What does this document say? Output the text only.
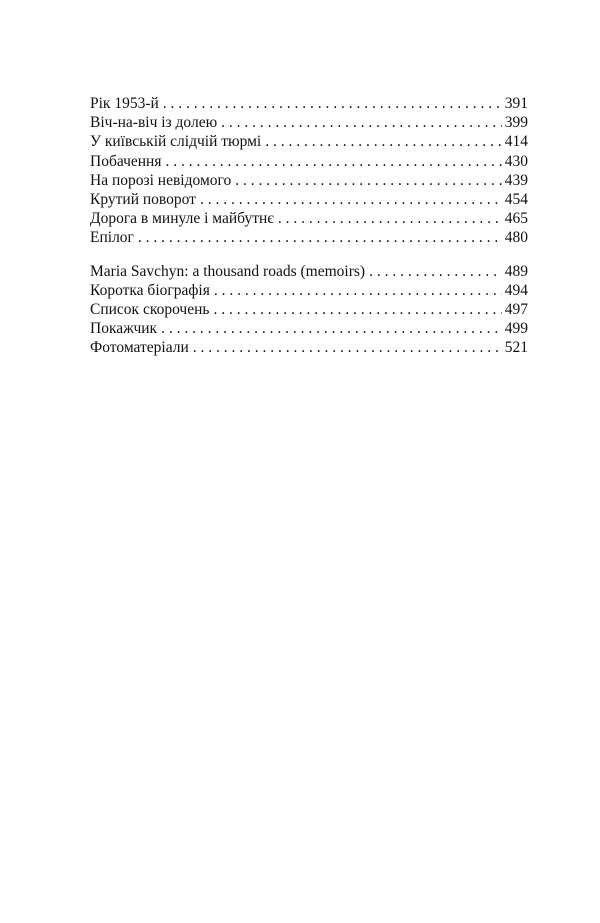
Рік 1953-й . . .	391
Віч-на-віч із долею . . .	399
У київській слідчій тюрмі . . .	414
Побачення . . .	430
На порозі невідомого . . .	439
Крутий поворот . . .	454
Дорога в минуле і майбутнє . . .	465
Епілог . . .	480
Maria Savchyn: a thousand roads (memoirs) . . .	489
Коротка біографія . . .	494
Список скорочень . . .	497
Покажчик . . .	499
Фотоматеріали . . .	521
